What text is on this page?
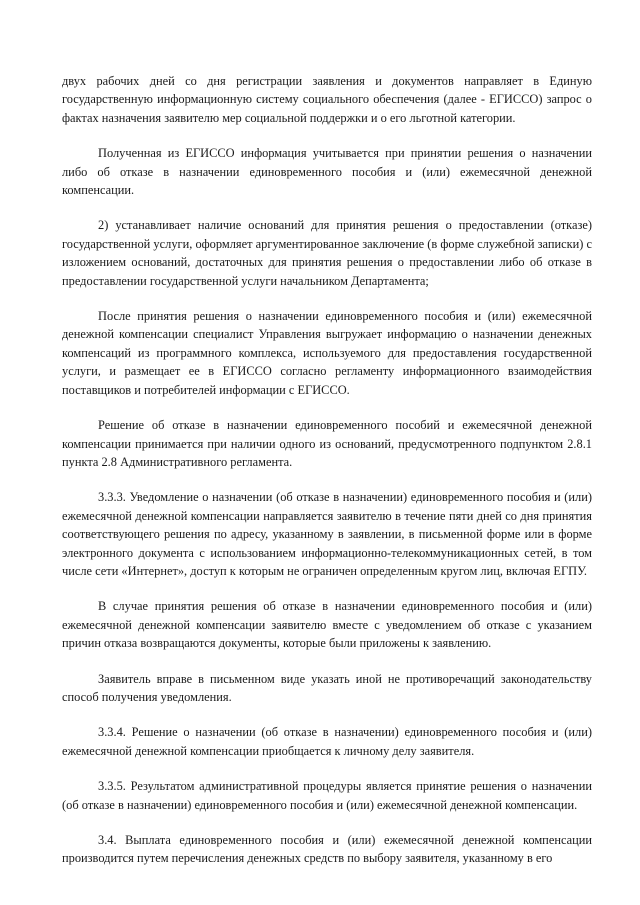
двух рабочих дней со дня регистрации заявления и документов направляет в Единую государственную информационную систему социального обеспечения (далее - ЕГИССО) запрос о фактах назначения заявителю мер социальной поддержки и о его льготной категории.

Полученная из ЕГИССО информация учитывается при принятии решения о назначении либо об отказе в назначении единовременного пособия и (или) ежемесячной денежной компенсации.

2) устанавливает наличие оснований для принятия решения о предоставлении (отказе) государственной услуги, оформляет аргументированное заключение (в форме служебной записки) с изложением оснований, достаточных для принятия решения о предоставлении либо об отказе в предоставлении государственной услуги начальником Департамента;

После принятия решения о назначении единовременного пособия и (или) ежемесячной денежной компенсации специалист Управления выгружает информацию о назначении денежных компенсаций из программного комплекса, используемого для предоставления государственной услуги, и размещает ее в ЕГИССО согласно регламенту информационного взаимодействия поставщиков и потребителей информации с ЕГИССО.

Решение об отказе в назначении единовременного пособий и ежемесячной денежной компенсации принимается при наличии одного из оснований, предусмотренного подпунктом 2.8.1 пункта 2.8 Административного регламента.

3.3.3. Уведомление о назначении (об отказе в назначении) единовременного пособия и (или) ежемесячной денежной компенсации направляется заявителю в течение пяти дней со дня принятия соответствующего решения по адресу, указанному в заявлении, в письменной форме или в форме электронного документа с использованием информационно-телекоммуникационных сетей, в том числе сети «Интернет», доступ к которым не ограничен определенным кругом лиц, включая ЕГПУ.

В случае принятия решения об отказе в назначении единовременного пособия и (или) ежемесячной денежной компенсации заявителю вместе с уведомлением об отказе с указанием причин отказа возвращаются документы, которые были приложены к заявлению.

Заявитель вправе в письменном виде указать иной не противоречащий законодательству способ получения уведомления.

3.3.4. Решение о назначении (об отказе в назначении) единовременного пособия и (или) ежемесячной денежной компенсации приобщается к личному делу заявителя.

3.3.5. Результатом административной процедуры является принятие решения о назначении (об отказе в назначении) единовременного пособия и (или) ежемесячной денежной компенсации.

3.4. Выплата единовременного пособия и (или) ежемесячной денежной компенсации производится путем перечисления денежных средств по выбору заявителя, указанному в его
